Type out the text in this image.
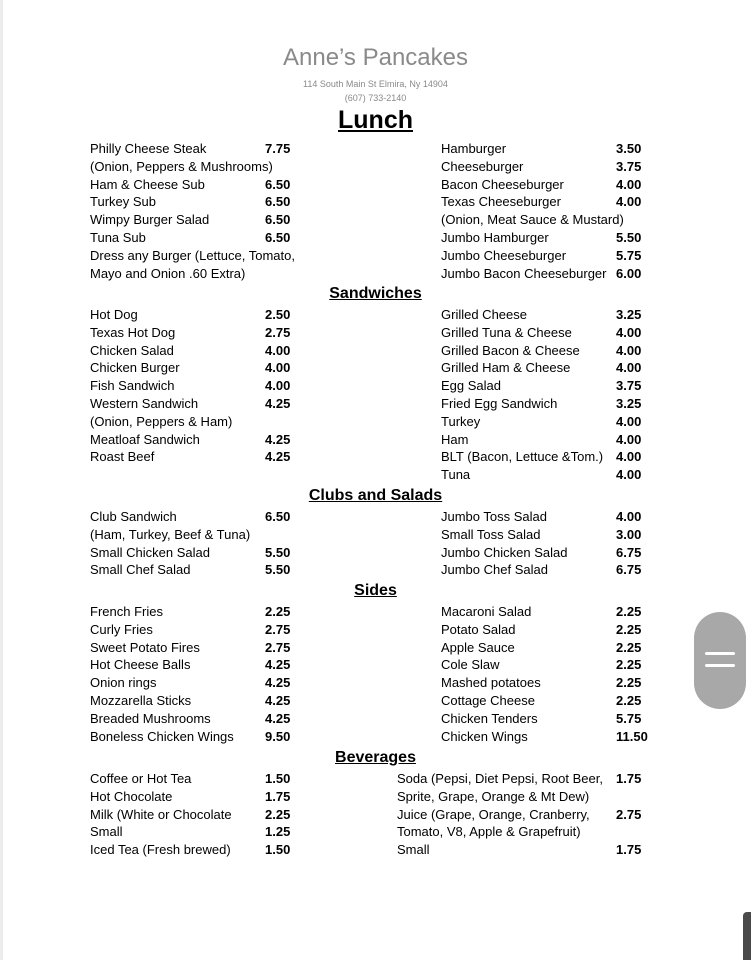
Anne’s Pancakes
114 South Main St Elmira, Ny 14904
(607) 733-2140
Lunch
Philly Cheese Steak	7.75
(Onion, Peppers & Mushrooms)
Ham & Cheese Sub	6.50
Turkey Sub	6.50
Wimpy Burger Salad	6.50
Tuna Sub	6.50
Dress any Burger (Lettuce, Tomato,
Mayo and Onion .60 Extra)
Hamburger	3.50
Cheeseburger	3.75
Bacon Cheeseburger	4.00
Texas Cheeseburger	4.00
(Onion, Meat Sauce & Mustard)
Jumbo Hamburger	5.50
Jumbo Cheeseburger	5.75
Jumbo Bacon Cheeseburger 6.00
Sandwiches
Hot Dog	2.50
Texas Hot Dog	2.75
Chicken Salad	4.00
Chicken Burger	4.00
Fish Sandwich	4.00
Western Sandwich	4.25
(Onion, Peppers & Ham)
Meatloaf Sandwich	4.25
Roast Beef	4.25
Grilled Cheese	3.25
Grilled Tuna & Cheese	4.00
Grilled Bacon & Cheese	4.00
Grilled Ham & Cheese	4.00
Egg Salad	3.75
Fried Egg Sandwich	3.25
Turkey	4.00
Ham	4.00
BLT (Bacon, Lettuce &Tom.) 4.00
Tuna	4.00
Clubs and Salads
Club Sandwich	6.50
(Ham, Turkey, Beef & Tuna)
Small Chicken Salad	5.50
Small Chef Salad	5.50
Jumbo Toss Salad	4.00
Small Toss Salad	3.00
Jumbo Chicken Salad	6.75
Jumbo Chef Salad	6.75
Sides
French Fries	2.25
Curly Fries	2.75
Sweet Potato Fires	2.75
Hot Cheese Balls	4.25
Onion rings	4.25
Mozzarella Sticks	4.25
Breaded Mushrooms	4.25
Boneless Chicken Wings 9.50
Macaroni Salad	2.25
Potato Salad	2.25
Apple Sauce	2.25
Cole Slaw	2.25
Mashed potatoes	2.25
Cottage Cheese	2.25
Chicken Tenders	5.75
Chicken Wings	11.50
Beverages
Coffee or Hot Tea	1.50
Hot Chocolate	1.75
Milk (White or Chocolate	2.25
Small	1.25
Iced Tea (Fresh brewed)	1.50
Soda (Pepsi, Diet Pepsi, Root Beer, 1.75
Sprite, Grape, Orange & Mt Dew)
Juice (Grape, Orange, Cranberry, 2.75
Tomato, V8, Apple & Grapefruit)
Small	1.75
